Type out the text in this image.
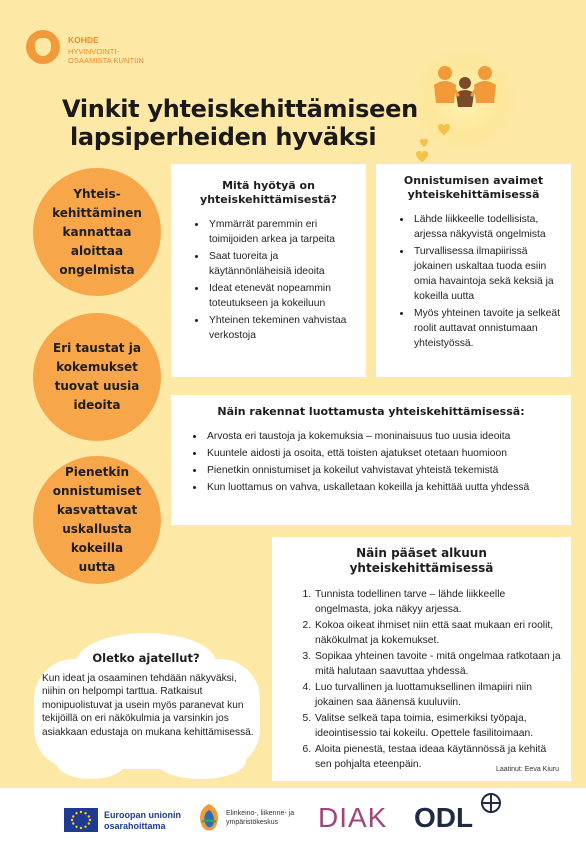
KOHDE
HYVINVOINTI-
OSAAMISTA KUNTIIN
Vinkit yhteiskehittämiseen
lapsiperheiden hyväksi
Yhteis-
kehittäminen
kannattaa
aloittaa
ongelmista
Eri taustat ja
kokemukset
tuovat uusia
ideoita
Pienetkin
onnistumiset
kasvattavat
uskallusta
kokeilla uutta
Mitä hyötyä on
yhteiskehittämisestä?
• Ymmärrät paremmin eri toimijoiden arkea ja tarpeita
• Saat tuoreita ja käytännönläheisiä ideoita
• Ideat etenevät nopeammin toteutukseen ja kokeiluun
• Yhteinen tekeminen vahvistaa verkostoja
Onnistumisen avaimet
yhteiskehittämisessä
• Lähde liikkeelle todellisista, arjessa näkyvistä ongelmista
• Turvallisessa ilmapiirissä jokainen uskaltaa tuoda esiin omia havaintoja sekä keksiä ja kokeilla uutta
• Myös yhteinen tavoite ja selkeät roolit auttavat onnistumaan yhteistyössä.
Näin rakennat luottamusta yhteiskehittämisessä:
• Arvosta eri taustoja ja kokemuksia – moninaisuus tuo uusia ideoita
• Kuuntele aidosti ja osoita, että toisten ajatukset otetaan huomioon
• Pienetkin onnistumiset ja kokeilut vahvistavat yhteistä tekemistä
• Kun luottamus on vahva, uskalletaan kokeilla ja kehittää uutta yhdessä
Näin pääset alkuun
yhteiskehittämisessä
1. Tunnista todellinen tarve – lähde liikkeelle ongelmasta, joka näkyy arjessa.
2. Kokoa oikeat ihmiset niin että saat mukaan eri roolit, näkökulmat ja kokemukset.
3. Sopikaa yhteinen tavoite - mitä ongelmaa ratkotaan ja mitä halutaan saavuttaa yhdessä.
4. Luo turvallinen ja luottamuksellinen ilmapiiri niin jokainen saa äänensä kuuluviin.
5. Valitse selkeä tapa toimia, esimerkiksi työpaja, ideointisessio tai kokeilu. Opettele fasilitoimaan.
6. Aloita pienestä, testaa ideaa käytännössä ja kehitä sen pohjalta eteenpäin.	Laatinut: Eeva Kiuru
Oletko ajatellut?
Kun ideat ja osaaminen tehdään näkyväksi, niihin on helpompi tarttua. Ratkaisut monipuolistuvat ja usein myös paranevat kun tekijöillä on eri näkökulmia ja varsinkin jos asiakkaan edustaja on mukana kehittämisessä.
Euroopan unionin
osarahoittama
Elinkeino-, liikenne- ja
ympäristökeskus	DIAK ODL
